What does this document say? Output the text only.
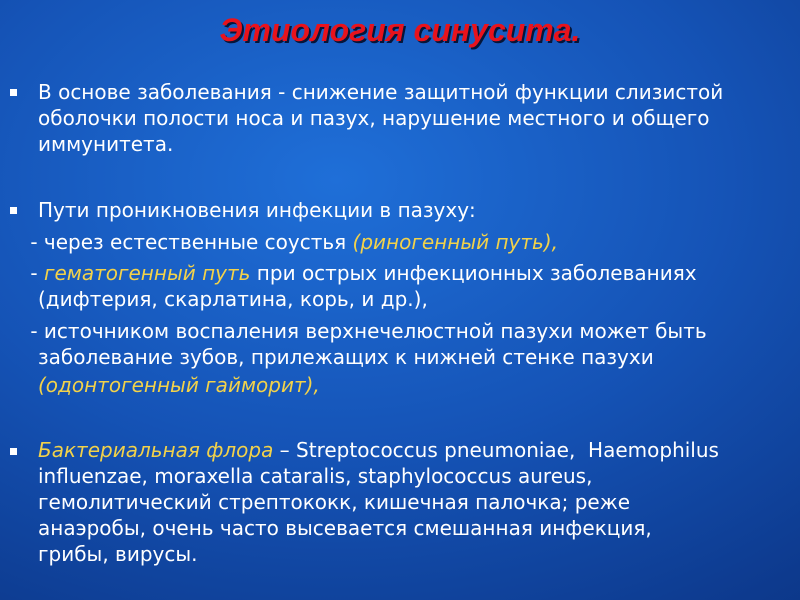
Этиология синусита.
В основе заболевания - снижение защитной функции слизистой
оболочки полости носа и пазух, нарушение местного и общего
иммунитета.
Пути проникновения инфекции в пазуху:
- через естественные соустья (риногенный путь),
- гематогенный путь при острых инфекционных заболеваниях
(дифтерия, скарлатина, корь, и др.),
- источником воспаления верхнечелюстной пазухи может быть
заболевание зубов, прилежащих к нижней стенке пазухи
(одонтогенный гайморит),
Бактериальная флора – Streptococcus pneumoniae,  Haemophilus
influenzae, moraxella cataralis, staphylococcus aureus,
гемолитический стрептококк, кишечная палочка; реже
анаэробы, очень часто высевается смешанная инфекция,
грибы, вирусы.
